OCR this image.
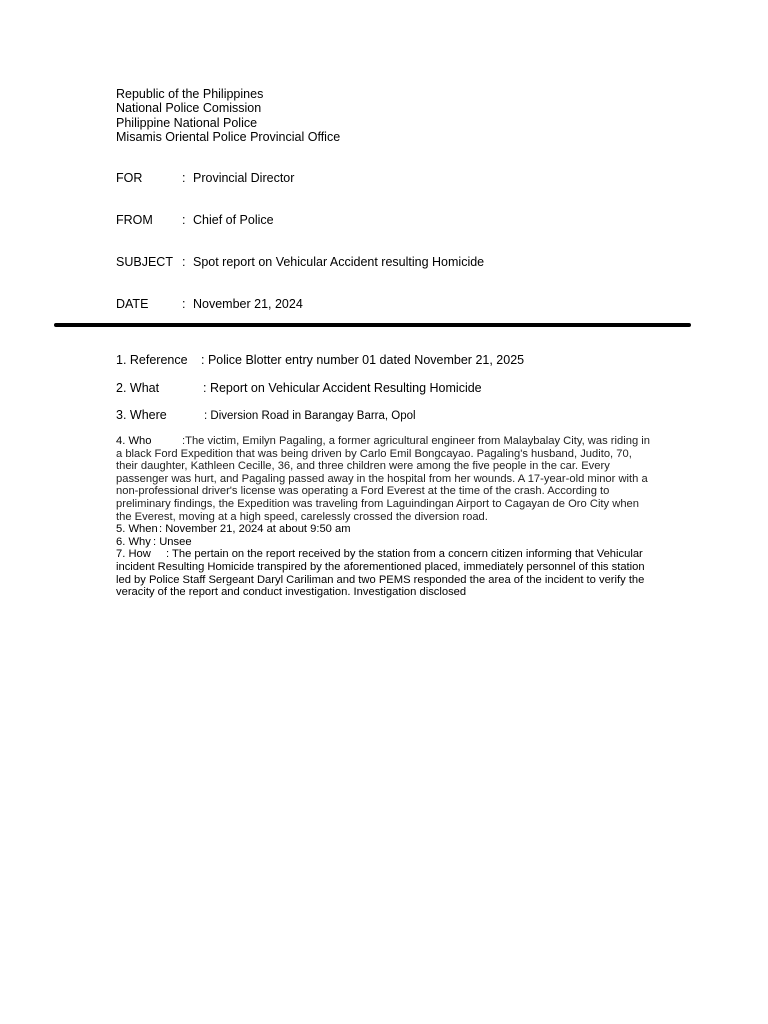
Republic of the Philippines
National Police Comission
Philippine National Police
Misamis Oriental Police Provincial Office
FOR	: Provincial Director
FROM : Chief of Police
SUBJECT : Spot report on Vehicular Accident resulting Homicide
DATE	: November 21, 2024
1. Reference : Police Blotter entry number 01 dated November 21, 2025
2. What	: Report on Vehicular Accident Resulting Homicide
3. Where	: Diversion Road in Barangay Barra, Opol

4. Who	:The victim, Emilyn Pagaling, a former agricultural engineer from Malaybalay City, was riding in a black Ford Expedition that was being driven by Carlo Emil Bongcayao. Pagaling's husband, Judito, 70, their daughter, Kathleen Cecille, 36, and three children were among the five people in the car. Every passenger was hurt, and Pagaling passed away in the hospital from her wounds. A 17-year-old minor with a non-professional driver's license was operating a Ford Everest at the time of the crash. According to preliminary findings, the Expedition was traveling from Laguindingan Airport to Cagayan de Oro City when the Everest, moving at a high speed, carelessly crossed the diversion road.

5. When: November 21, 2024 at about 9:50 am

6. Why : Unsee

7. How : The pertain on the report received by the station from a concern citizen informing that Vehicular incident Resulting Homicide transpired by the aforementioned placed, immediately personnel of this station led by Police Staff Sergeant Daryl Cariliman and two PEMS responded the area of the incident to verify the veracity of the report and conduct investigation. Investigation disclosed
